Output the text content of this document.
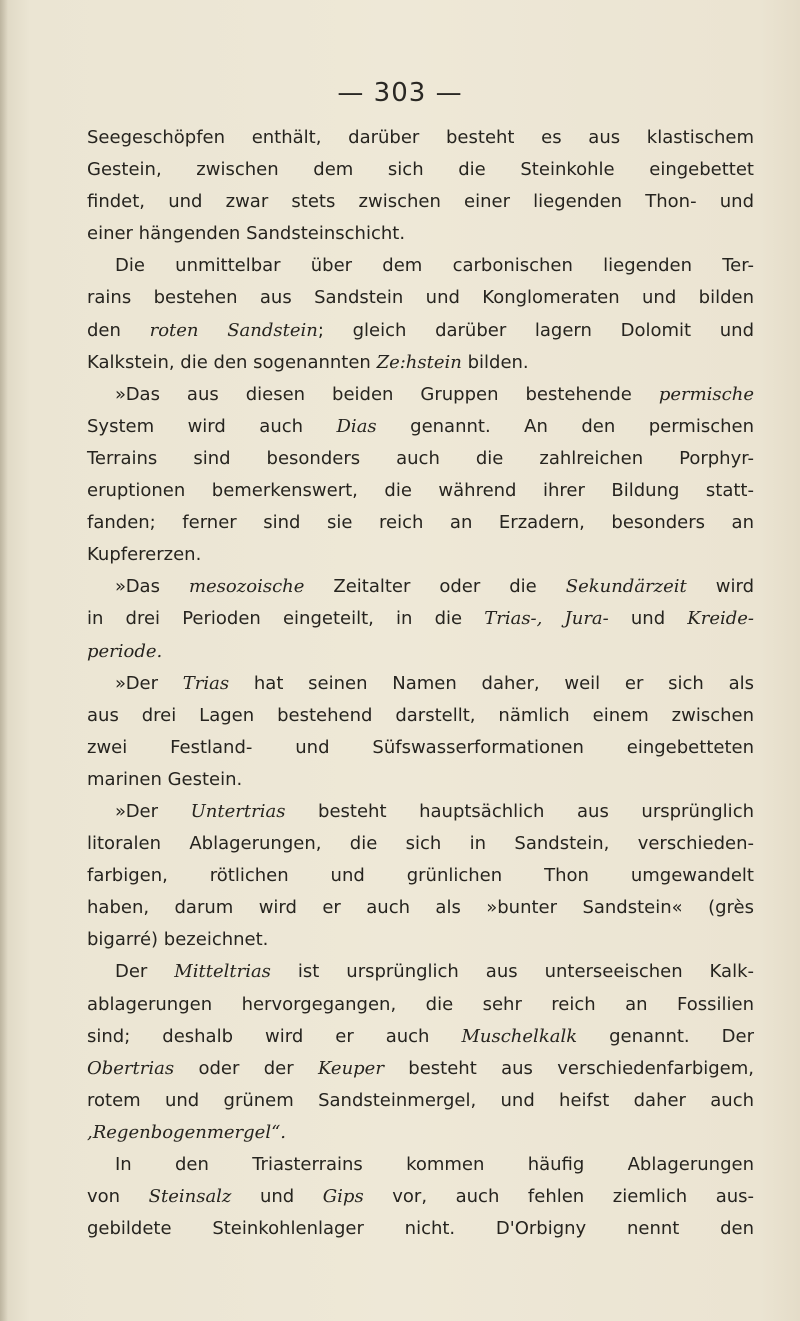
— 303 —
Seegeschöpfen enthält, darüber besteht es aus klastischem
Gestein, zwischen dem sich die Steinkohle eingebettet
findet, und zwar stets zwischen einer liegenden Thon- und
einer hängenden Sandsteinschicht.
Die unmittelbar über dem carbonischen liegenden Ter-
rains bestehen aus Sandstein und Konglomeraten und bilden
den roten Sandstein; gleich darüber lagern Dolomit und
Kalkstein, die den sogenannten Ze:hstein bilden.
»Das aus diesen beiden Gruppen bestehende permische
System wird auch Dias genannt. An den permischen
Terrains sind besonders auch die zahlreichen Porphyr-
eruptionen bemerkenswert, die während ihrer Bildung statt-
fanden; ferner sind sie reich an Erzadern, besonders an
Kupfererzen.
»Das mesozoische Zeitalter oder die Sekundärzeit wird
in drei Perioden eingeteilt, in die Trias-, Jura- und Kreide-
periode.
»Der Trias hat seinen Namen daher, weil er sich als
aus drei Lagen bestehend darstellt, nämlich einem zwischen
zwei Festland- und Süfswasserformationen eingebetteten
marinen Gestein.
»Der Untertrias besteht hauptsächlich aus ursprünglich
litoralen Ablagerungen, die sich in Sandstein, verschieden-
farbigen, rötlichen und grünlichen Thon umgewandelt
haben, darum wird er auch als »bunter Sandstein« (grès
bigarré) bezeichnet.
Der Mitteltrias ist ursprünglich aus unterseeischen Kalk-
ablagerungen hervorgegangen, die sehr reich an Fossilien
sind; deshalb wird er auch Muschelkalk genannt. Der
Obertrias oder der Keuper besteht aus verschiedenfarbigem,
rotem und grünem Sandsteinmergel, und heifst daher auch
,Regenbogenmergel“.
In den Triasterrains kommen häufig Ablagerungen
von Steinsalz und Gips vor, auch fehlen ziemlich aus-
gebildete Steinkohlenlager nicht. D'Orbigny nennt den
